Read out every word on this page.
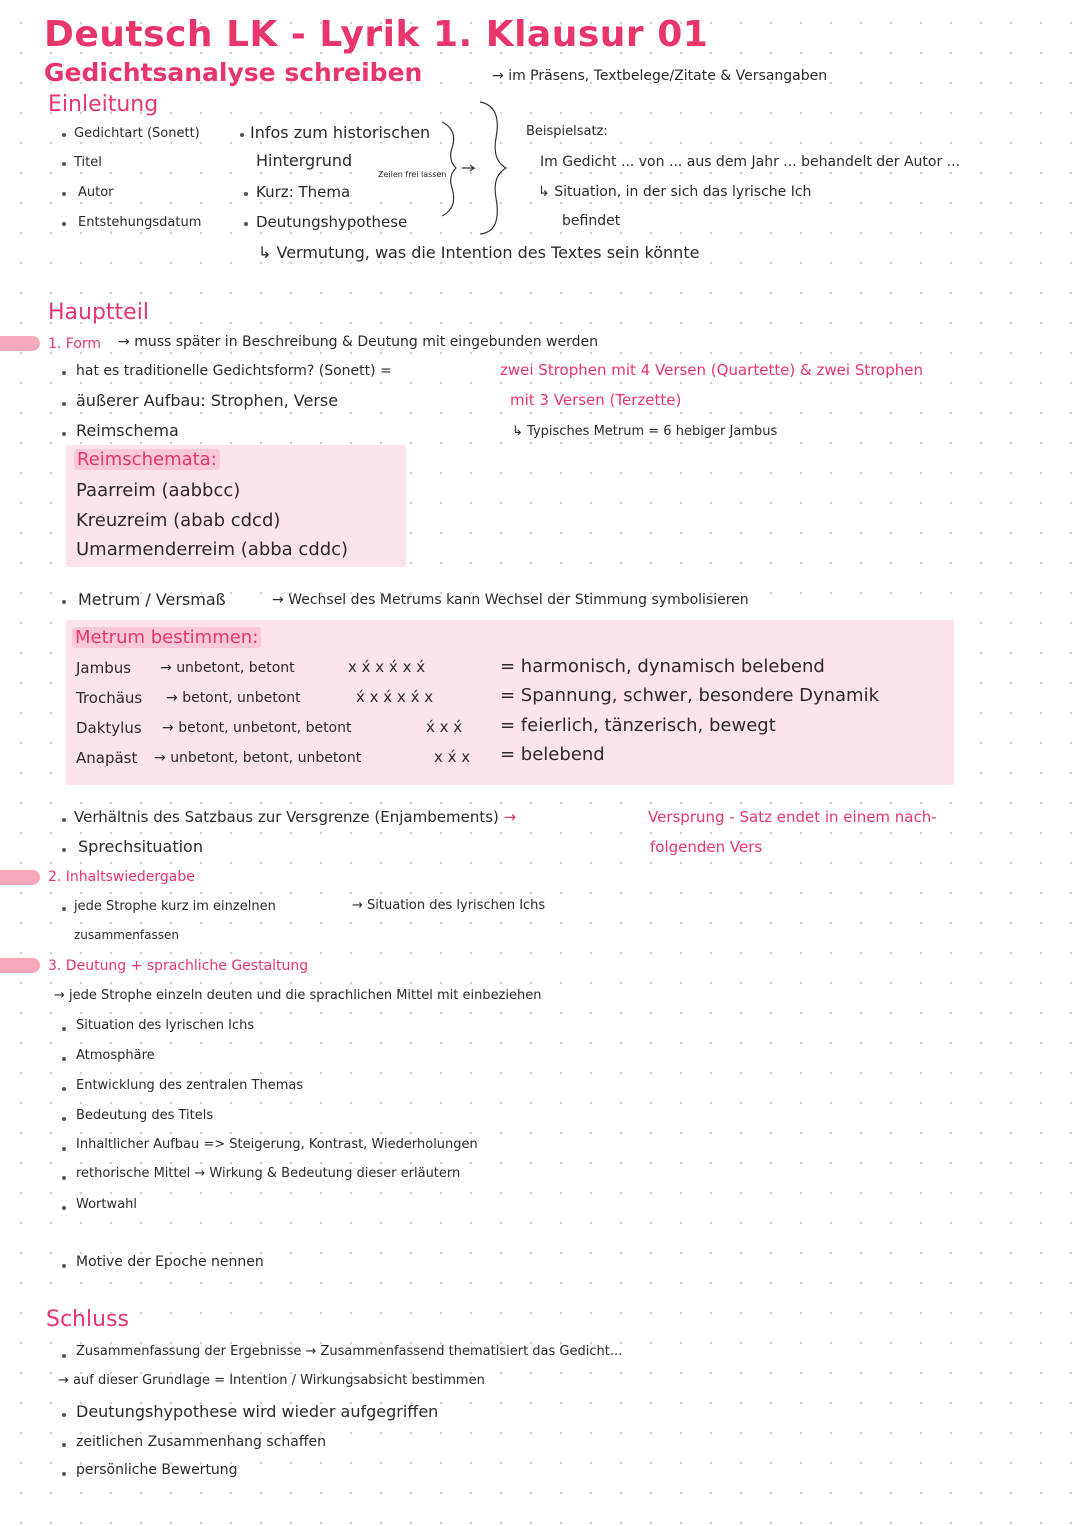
Deutsch LK - Lyrik 1. Klausur 01
Gedichtsanalyse schreiben	→ im Präsens, Textbelege/Zitate & Versangaben
Einleitung
Gedichtart (Sonett)
Titel
Autor
Entstehungsdatum
Infos zum historischen
Hintergrund
Zeilen frei lassen
Kurz: Thema
Deutungshypothese
Beispielsatz:
Im Gedicht ... von ... aus dem Jahr ... behandelt der Autor ...
↳ Situation, in der sich das lyrische Ich
befindet
↳ Vermutung, was die Intention des Textes sein könnte
Hauptteil
1. Form → muss später in Beschreibung & Deutung mit eingebunden werden
hat es traditionelle Gedichtsform? (Sonett) =	zwei Strophen mit 4 Versen (Quartette) & zwei Strophen
mit 3 Versen (Terzette)
↳ Typisches Metrum = 6 hebiger Jambus
äußerer Aufbau: Strophen, Verse
Reimschema
Reimschemata:
Paarreim (aabbcc)
Kreuzreim (abab cdcd)
Umarmenderreim (abba cddc)
Metrum / Versmaß	→ Wechsel des Metrums kann Wechsel der Stimmung symbolisieren
Metrum bestimmen:
Jambus → unbetont, betont	x x́ x x́ x x́	= harmonisch, dynamisch belebend
Trochäus → betont, unbetont	x́ x x́ x x́ x	= Spannung, schwer, besondere Dynamik
Daktylus → betont, unbetont, betont	x́ x x́ = feierlich, tänzerisch, bewegt
Anapäst → unbetont, betont, unbetont	x x́ x = belebend
Verhältnis des Satzbaus zur Versgrenze (Enjambements) →	Versprung - Satz endet in einem nach-
folgenden Vers
Sprechsituation
2. Inhaltswiedergabe
jede Strophe kurz im einzelnen
zusammenfassen
→ Situation des lyrischen Ichs
3. Deutung + sprachliche Gestaltung
→ jede Strophe einzeln deuten und die sprachlichen Mittel mit einbeziehen
Situation des lyrischen Ichs
Atmosphäre
Entwicklung des zentralen Themas
Bedeutung des Titels
Inhaltlicher Aufbau => Steigerung, Kontrast, Wiederholungen
rethorische Mittel → Wirkung & Bedeutung dieser erläutern
Wortwahl
Motive der Epoche nennen
Schluss
Zusammenfassung der Ergebnisse → Zusammenfassend thematisiert das Gedicht...
→ auf dieser Grundlage = Intention / Wirkungsabsicht bestimmen
Deutungshypothese wird wieder aufgegriffen
zeitlichen Zusammenhang schaffen
persönliche Bewertung
